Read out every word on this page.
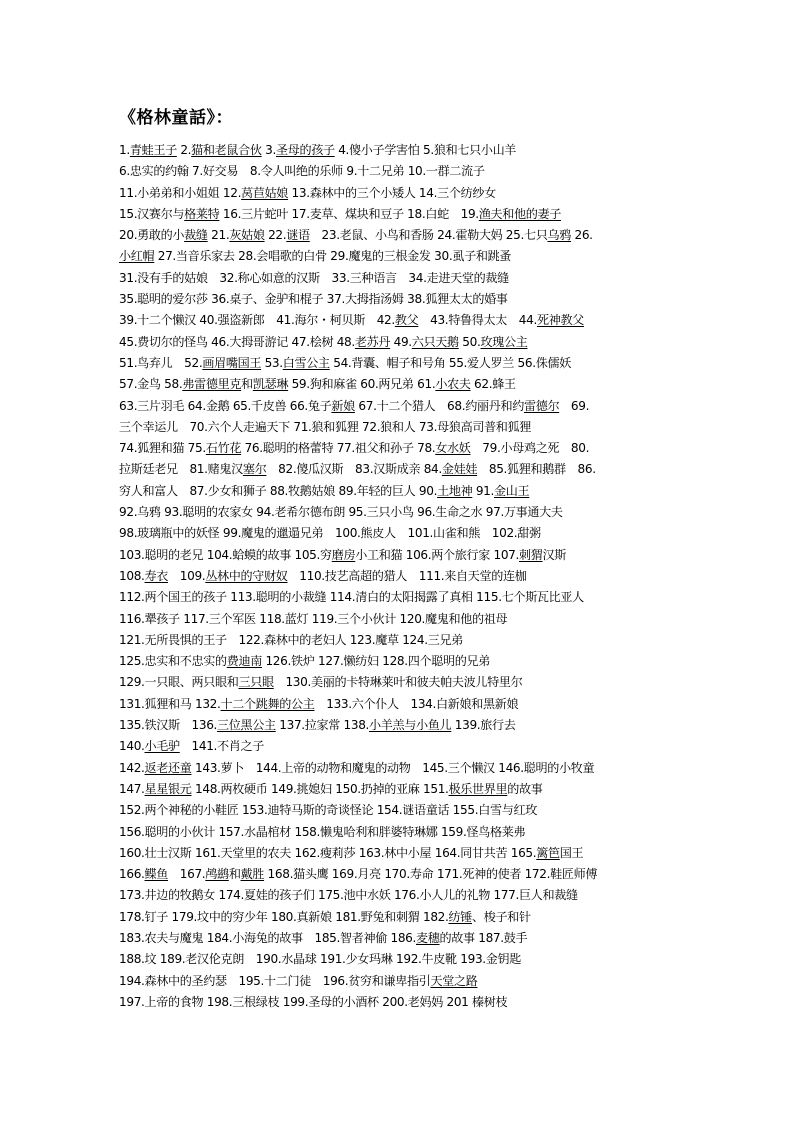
《格林童話》：
1.青蛙王子 2.猫和老鼠合伙 3.圣母的孩子 4.傻小子学害怕 5.狼和七只小山羊
6.忠实的约翰 7.好交易　8.令人叫绝的乐师 9.十二兄弟 10.一群二流子
11.小弟弟和小姐姐 12.莴苣姑娘 13.森林中的三个小矮人 14.三个纺纱女
15.汉赛尔与格莱特 16.三片蛇叶 17.麦草、煤块和豆子 18.白蛇　19.渔夫和他的妻子
20.勇敢的小裁缝 21.灰姑娘 22.谜语　23.老鼠、小鸟和香肠 24.霍勒大妈 25.七只乌鸦 26.
小红帽 27.当音乐家去 28.会唱歌的白骨 29.魔鬼的三根金发 30.虱子和跳蚤
31.没有手的姑娘　32.称心如意的汉斯　33.三种语言　34.走进天堂的裁缝
35.聪明的爱尔莎 36.桌子、金驴和棍子 37.大拇指汤姆 38.狐狸太太的婚事
39.十二个懒汉 40.强盗新郎　41.海尔・柯贝斯　42.教父　43.特鲁得太太　44.死神教父
45.费切尔的怪鸟 46.大拇哥游记 47.桧树 48.老苏丹 49.六只天鹅 50.玫瑰公主
51.鸟弃儿　52.画眉嘴国王 53.白雪公主 54.背囊、帽子和号角 55.爱人罗兰 56.侏儒妖
57.金鸟 58.弗雷德里克和凯瑟琳 59.狗和麻雀 60.两兄弟 61.小农夫 62.蜂王
63.三片羽毛 64.金鹅 65.千皮兽 66.兔子新娘 67.十二个猎人　68.约丽丹和约雷德尔　69.
三个幸运儿　70.六个人走遍天下 71.狼和狐狸 72.狼和人 73.母狼高司普和狐狸
74.狐狸和猫 75.石竹花 76.聪明的格蕾特 77.祖父和孙子 78.女水妖　79.小母鸡之死　80.
拉斯廷老兄　81.赌鬼汉塞尔　82.傻瓜汉斯　83.汉斯成亲 84.金娃娃　85.狐狸和鹅群　86.
穷人和富人　87.少女和狮子 88.牧鹅姑娘 89.年轻的巨人 90.土地神 91.金山王
92.乌鸦 93.聪明的农家女 94.老希尔德布朗 95.三只小鸟 96.生命之水 97.万事通大夫
98.玻璃瓶中的妖怪 99.魔鬼的邋遢兄弟　100.熊皮人　101.山雀和熊　102.甜粥
103.聪明的老兄 104.蛤蟆的故事 105.穷磨房小工和猫 106.两个旅行家 107.刺猬汉斯
108.寿衣　109.丛林中的守财奴　110.技艺高超的猎人　111.来自天堂的连枷
112.两个国王的孩子 113.聪明的小裁缝 114.清白的太阳揭露了真相 115.七个斯瓦比亚人
116.犟孩子 117.三个军医 118.蓝灯 119.三个小伙计 120.魔鬼和他的祖母
121.无所畏惧的王子　122.森林中的老妇人 123.魔草 124.三兄弟
125.忠实和不忠实的费迪南 126.铁炉 127.懒纺妇 128.四个聪明的兄弟
129.一只眼、两只眼和三只眼　130.美丽的卡特琳莱叶和彼夫帕夫波儿特里尔
131.狐狸和马 132.十二个跳舞的公主　133.六个仆人　134.白新娘和黑新娘
135.铁汉斯　136.三位黑公主 137.拉家常 138.小羊羔与小鱼儿 139.旅行去
140.小毛驴　141.不肖之子
142.返老还童 143.萝卜　144.上帝的动物和魔鬼的动物　145.三个懒汉 146.聪明的小牧童
147.星星银元 148.两枚硬币 149.挑媳妇 150.扔掉的亚麻 151.极乐世界里的故事
152.两个神秘的小鞋匠 153.迪特马斯的奇谈怪论 154.谜语童话 155.白雪与红玫
156.聪明的小伙计 157.水晶棺材 158.懒鬼哈利和胖婆特琳娜 159.怪鸟格莱弗
160.壮士汉斯 161.天堂里的农夫 162.瘦莉莎 163.林中小屋 164.同甘共苦 165.篱笆国王
166.鲽鱼　167.鸬鹚和戴胜 168.猫头鹰 169.月亮 170.寿命 171.死神的使者 172.鞋匠师傅
173.井边的牧鹅女 174.夏娃的孩子们 175.池中水妖 176.小人儿的礼物 177.巨人和裁缝
178.钉子 179.坟中的穷少年 180.真新娘 181.野兔和刺猬 182.纺锤、梭子和针
183.农夫与魔鬼 184.小海兔的故事　185.智者神偷 186.麦穗的故事 187.鼓手
188.坟 189.老汉伦克朗　190.水晶球 191.少女玛琳 192.牛皮靴 193.金钥匙
194.森林中的圣约瑟　195.十二门徒　196.贫穷和谦卑指引天堂之路
197.上帝的食物 198.三根绿枝 199.圣母的小酒杯 200.老妈妈 201 榛树枝
